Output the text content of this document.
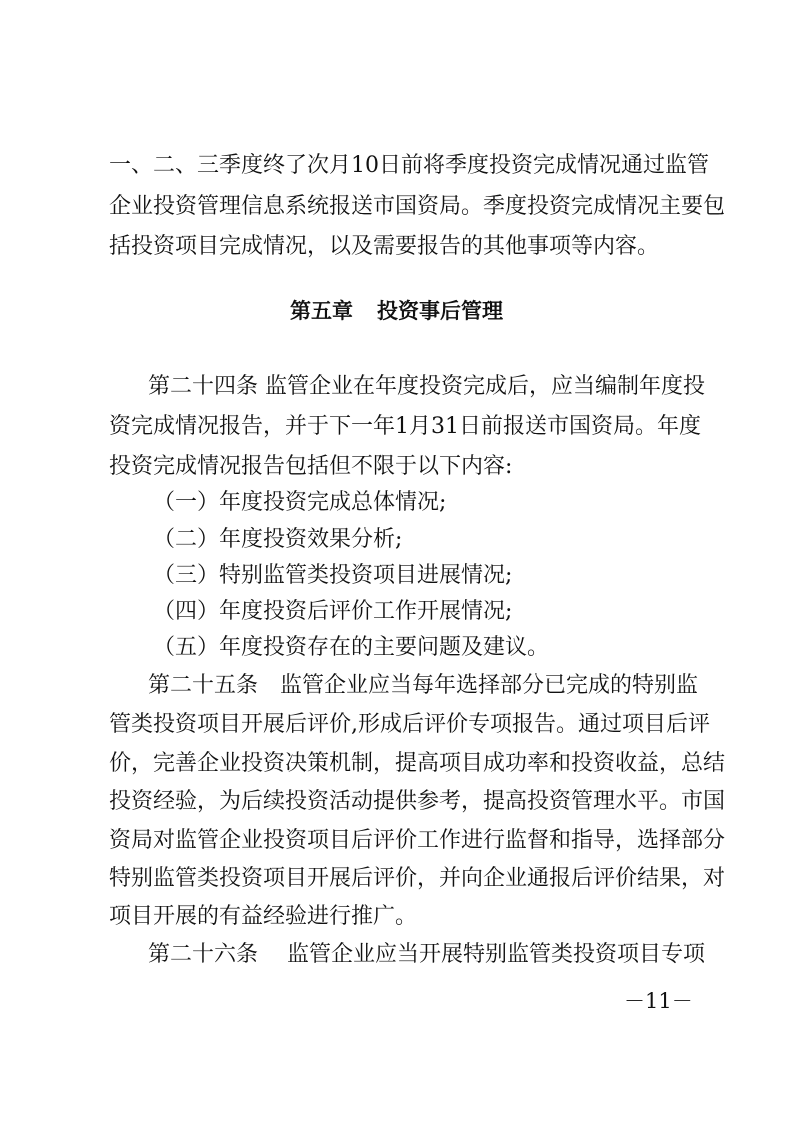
一、二、三季度终了次月10日前将季度投资完成情况通过监管
企业投资管理信息系统报送市国资局。季度投资完成情况主要包
括投资项目完成情况，以及需要报告的其他事项等内容。
第五章 投资事后管理
第二十四条 监管企业在年度投资完成后，应当编制年度投
资完成情况报告，并于下一年1月31日前报送市国资局。年度
投资完成情况报告包括但不限于以下内容:
（一）年度投资完成总体情况;
（二）年度投资效果分析;
（三）特别监管类投资项目进展情况;
（四）年度投资后评价工作开展情况;
（五）年度投资存在的主要问题及建议。
第二十五条　监管企业应当每年选择部分已完成的特别监
管类投资项目开展后评价,形成后评价专项报告。通过项目后评
价，完善企业投资决策机制，提高项目成功率和投资收益，总结
投资经验，为后续投资活动提供参考，提高投资管理水平。市国
资局对监管企业投资项目后评价工作进行监督和指导，选择部分
特别监管类投资项目开展后评价，并向企业通报后评价结果，对
项目开展的有益经验进行推广。
第二十六条　 监管企业应当开展特别监管类投资项目专项
－11－
